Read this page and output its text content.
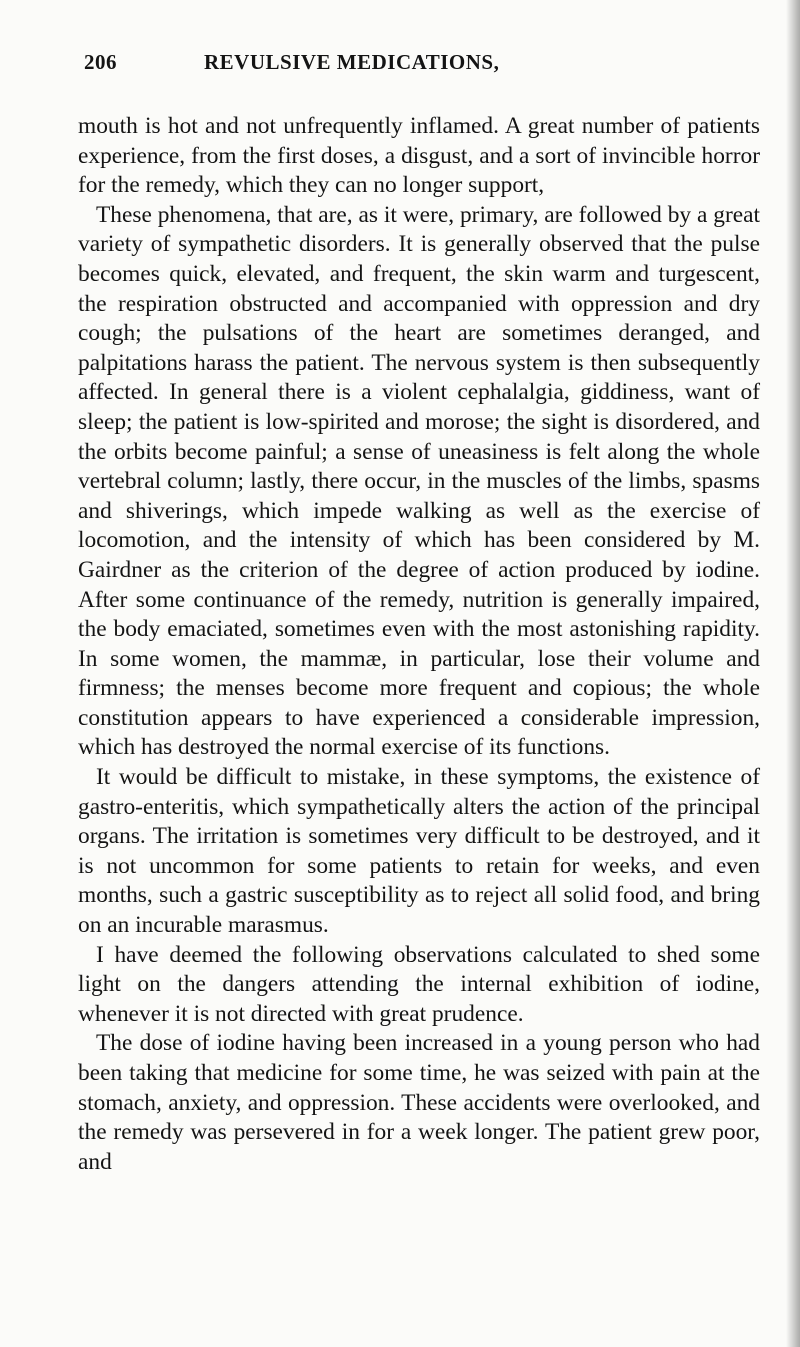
206	REVULSIVE MEDICATIONS,

mouth is hot and not unfrequently inflamed. A great number of patients experience, from the first doses, a disgust, and a sort of invincible horror for the remedy, which they can no longer support,

These phenomena, that are, as it were, primary, are followed by a great variety of sympathetic disorders. It is generally observed that the pulse becomes quick, elevated, and frequent, the skin warm and turgescent, the respiration obstructed and accompanied with oppression and dry cough; the pulsations of the heart are sometimes deranged, and palpitations harass the patient. The nervous system is then subsequently affected. In general there is a violent cephalalgia, giddiness, want of sleep; the patient is low-spirited and morose; the sight is disordered, and the orbits become painful; a sense of uneasiness is felt along the whole vertebral column; lastly, there occur, in the muscles of the limbs, spasms and shiverings, which impede walking as well as the exercise of locomotion, and the intensity of which has been considered by M. Gairdner as the criterion of the degree of action produced by iodine. After some continuance of the remedy, nutrition is generally impaired, the body emaciated, sometimes even with the most astonishing rapidity. In some women, the mammæ, in particular, lose their volume and firmness; the menses become more frequent and copious; the whole constitution appears to have experienced a considerable impression, which has destroyed the normal exercise of its functions.

It would be difficult to mistake, in these symptoms, the existence of gastro-enteritis, which sympathetically alters the action of the principal organs. The irritation is sometimes very difficult to be destroyed, and it is not uncommon for some patients to retain for weeks, and even months, such a gastric susceptibility as to reject all solid food, and bring on an incurable marasmus.

I have deemed the following observations calculated to shed some light on the dangers attending the internal exhibition of iodine, whenever it is not directed with great prudence.

The dose of iodine having been increased in a young person who had been taking that medicine for some time, he was seized with pain at the stomach, anxiety, and oppression. These accidents were overlooked, and the remedy was persevered in for a week longer. The patient grew poor, and
